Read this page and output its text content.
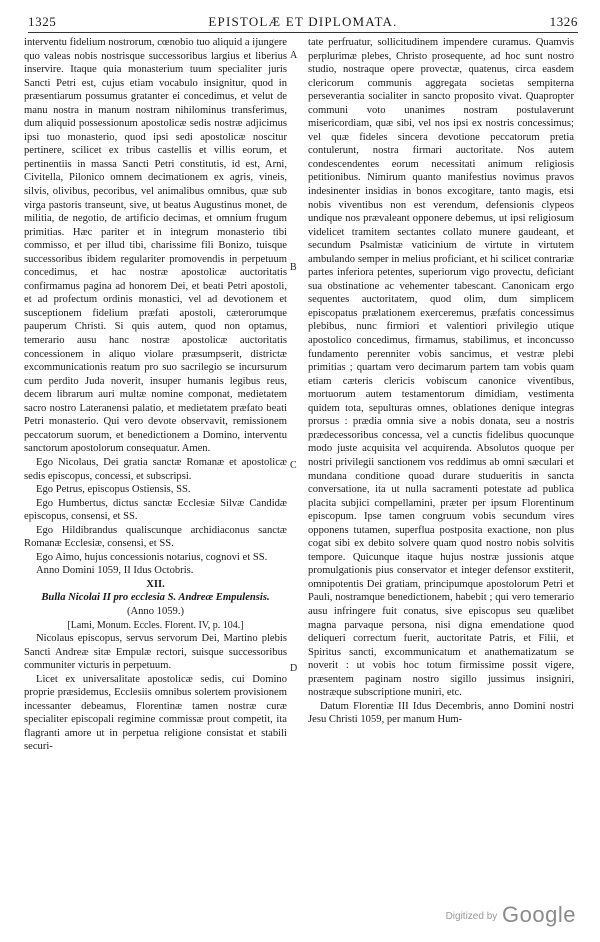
1325	EPISTOLÆ ET DIPLOMATA.	1326

interventu fidelium nostrorum, cœnobio tuo aliquid a ijungere quo valeas nobis nostrisque successoribus largius et liberius inservire. Itaque quia monasterium tuum specialiter juris Sancti Petri est, cujus etiam vocabulo insignitur, quod in præsentiarum possumus gratanter ei concedimus, et velut de manu nostra in manum nostram nihilominus transferimus, dum aliquid possessionum apostolicæ sedis nostræ adjicimus ipsi tuo monasterio, quod ipsi sedi apostolicæ noscitur pertinere, scilicet ex tribus castellis et villis eorum, et pertinentiis in massa Sancti Petri constitutis, id est, Arni, Civitella, Pilonico omnem decimationem ex agris, vineis, silvis, olivibus, pecoribus, vel animalibus omnibus, quæ sub virga pastoris transeunt, sive, ut beatus Augustinus monet, de militia, de negotio, de artificio decimas, et omnium frugum primitias. Hæc pariter et in integrum monasterio tibi commisso, et per illud tibi, charissime fili Bonizo, tuisque successoribus ibidem regulariter promovendis in perpetuum concedimus, et hac nostræ apostolicæ auctoritatis confirmamus pagina ad honorem Dei, et beati Petri apostoli, et ad profectum ordinis monastici, vel ad devotionem et susceptionem fidelium præfati apostoli, cæterorumque pauperum Christi. Si quis autem, quod non optamus, temerario ausu hanc nostræ apostolicæ auctoritatis concessionem in aliquo violare præsumpserit, districtæ excommunicationis reatum pro suo sacrilegio se incursurum cum perdito Juda noverit, insuper humanis legibus reus, decem librarum auri multæ nomine componat, medietatem sacro nostro Lateranensi palatio, et medietatem præfato beati Petri monasterio. Qui vero devote observavit, remissionem peccatorum suorum, et benedictionem a Domino, interventu sanctorum apostolorum consequatur. Amen.

Ego Nicolaus, Dei gratia sanctæ Romanæ et apostolicæ sedis episcopus, concessi, et subscripsi.

Ego Petrus, episcopus Ostiensis, SS.

Ego Humbertus, dictus sanctæ Ecclesiæ Silvæ Candidæ episcopus, consensi, et SS.

Ego Hildibrandus qualiscunque archidiaconus sanctæ Romanæ Ecclesiæ, consensi, et SS.

Ego Aimo, hujus concessionis notarius, cognovi et SS.

Anno Domini 1059, II Idus Octobris.

XII.

Bulla Nicolai II pro ecclesia S. Andreæ Empulensis.

(Anno 1059.)

[Lami, Monum. Eccles. Florent. IV, p. 104.]

Nicolaus episcopus, servus servorum Dei, Martino plebis Sancti Andreæ sitæ Empulæ rectori, suisque successoribus communiter victuris in perpetuum.

Licet ex universalitate apostolicæ sedis, cui Domino proprie præsidemus, Ecclesiis omnibus solertem provisionem incessanter debeamus, Florentinæ tamen nostræ curæ specialiter episcopali regimine commissæ prout competit, ita flagranti amore ut in perpetua religione consistat et stabili securi-

tate perfruatur, sollicitudinem impendere curamus. Quamvis perplurimæ plebes, Christo prosequente, ad hoc sunt nostro studio, nostraque opere provectæ, quatenus, circa easdem clericorum communis aggregata societas sempiterna perseverantia socialiter in sancto proposito vivat. Quapropter communi voto unanimes nostram postulaverunt misericordiam, quæ sibi, vel nos ipsi ex nostris concessimus; vel quæ fideles sincera devotione peccatorum pretia contulerunt, nostra firmari auctoritate. Nos autem condescendentes eorum necessitati animum religiosis petitionibus. Nimirum quanto manifestius novimus pravos indesinenter insidias in bonos excogitare, tanto magis, etsi nobis viventibus non est verendum, defensionis clypeos undique nos prævaleant opponere debemus, ut ipsi religiosum videlicet tramitem sectantes collato munere gaudeant, et secundum Psalmistæ vaticinium de virtute in virtutem ambulando semper in melius proficiant, et hi scilicet contrariæ partes inferiora petentes, superiorum vigo provectu, deficiant sua obstinatione ac vehementer tabescant. Canonicam ergo sequentes auctoritatem, quod olim, dum simplicem episcopatus prælationem exerceremus, præfatis concessimus plebibus, nunc firmiori et valentiori privilegio utique apostolico concedimus, firmamus, stabilimus, et inconcusso fundamento perenniter vobis sancimus, et vestræ plebi primitias ; quartam vero decimarum partem tam vobis quam etiam cæteris clericis vobiscum canonice viventibus, mortuorum autem testamentorum dimidiam, vestimenta quidem tota, sepulturas omnes, oblationes denique integras prorsus : prædia omnia sive a nobis donata, seu a nostris prædecessoribus concessa, vel a cunctis fidelibus quocunque modo juste acquisita vel acquirenda. Absolutos quoque per nostri privilegii sanctionem vos reddimus ab omni sæculari et mundana conditione quoad durare studueritis in sancta conversatione, ita ut nulla sacramenti potestate ad publica placita subjici compellamini, præter per ipsum Florentinum episcopum. Ipse tamen congruum vobis secundum vires opponens tutamen, superflua postposita exactione, non plus cogat sibi ex debito solvere quam quod nostro nobis solvitis tempore. Quicunque itaque hujus nostræ jussionis atque promulgationis pius conservator et integer defensor exstiterit, omnipotentis Dei gratiam, principumque apostolorum Petri et Pauli, nostramque benedictionem, habebit ; qui vero temerario ausu infringere fuit conatus, sive episcopus seu quælibet magna parvaque persona, nisi digna emendatione quod deliqueri correctum fuerit, auctoritate Patris, et Filii, et Spiritus sancti, excommunicatum et anathematizatum se noverit : ut vobis hoc totum firmissime possit vigere, præsentem paginam nostro sigillo jussimus insigniri, nostræque subscriptione muniri, etc.

Datum Florentiæ III Idus Decembris, anno Domini nostri Jesu Christi 1059, per manum Hum-

A
B
C
D
Digitized by Google
